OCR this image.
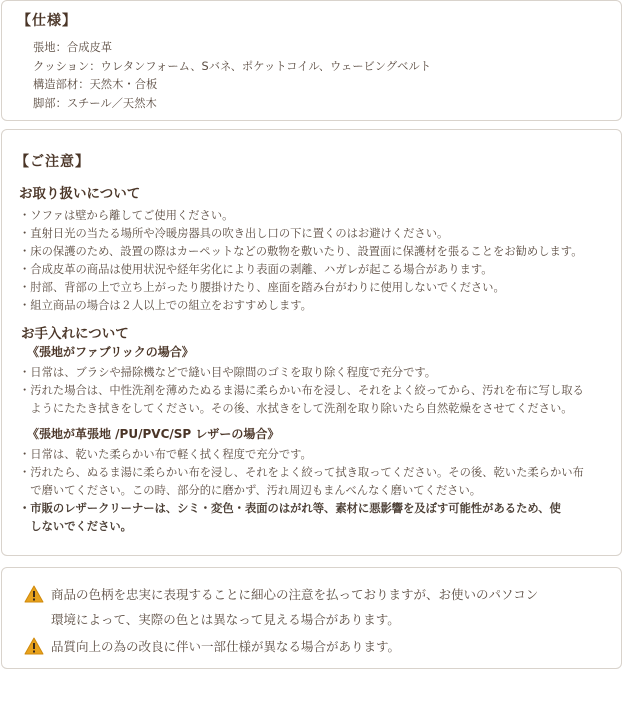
【仕様】
張地：合成皮革
クッション：ウレタンフォーム、Sバネ、ポケットコイル、ウェービングベルト
構造部材：天然木・合板
脚部：スチール／天然木
【ご注意】
お取り扱いについて
・ソファは壁から離してご使用ください。
・直射日光の当たる場所や冷暖房器具の吹き出し口の下に置くのはお避けください。
・床の保護のため、設置の際はカーペットなどの敷物を敷いたり、設置面に保護材を張ることをお勧めします。
・合成皮革の商品は使用状況や経年劣化により表面の剥離、ハガレが起こる場合があります。
・肘部、背部の上で立ち上がったり腰掛けたり、座面を踏み台がわりに使用しないでください。
・組立商品の場合は２人以上での組立をおすすめします。
お手入れについて
《張地がファブリックの場合》
・日常は、ブラシや掃除機などで縫い目や隙間のゴミを取り除く程度で充分です。
・汚れた場合は、中性洗剤を薄めたぬるま湯に柔らかい布を浸し、それをよく絞ってから、汚れを布に写し取る
　ようにたたき拭きをしてください。その後、水拭きをして洗剤を取り除いたら自然乾燥をさせてください。
《張地が革張地 /PU/PVC/SP レザーの場合》
・日常は、乾いた柔らかい布で軽く拭く程度で充分です。
・汚れたら、ぬるま湯に柔らかい布を浸し、それをよく絞って拭き取ってください。その後、乾いた柔らかい布
　で磨いてください。この時、部分的に磨かず、汚れ周辺もまんべんなく磨いてください。
・市販のレザークリーナーは、シミ・変色・表面のはがれ等、素材に悪影響を及ぼす可能性があるため、使
　しないでください。
商品の色柄を忠実に表現することに細心の注意を払っておりますが、お使いのパソコン
環境によって、実際の色とは異なって見える場合があります。
品質向上の為の改良に伴い一部仕様が異なる場合があります。
